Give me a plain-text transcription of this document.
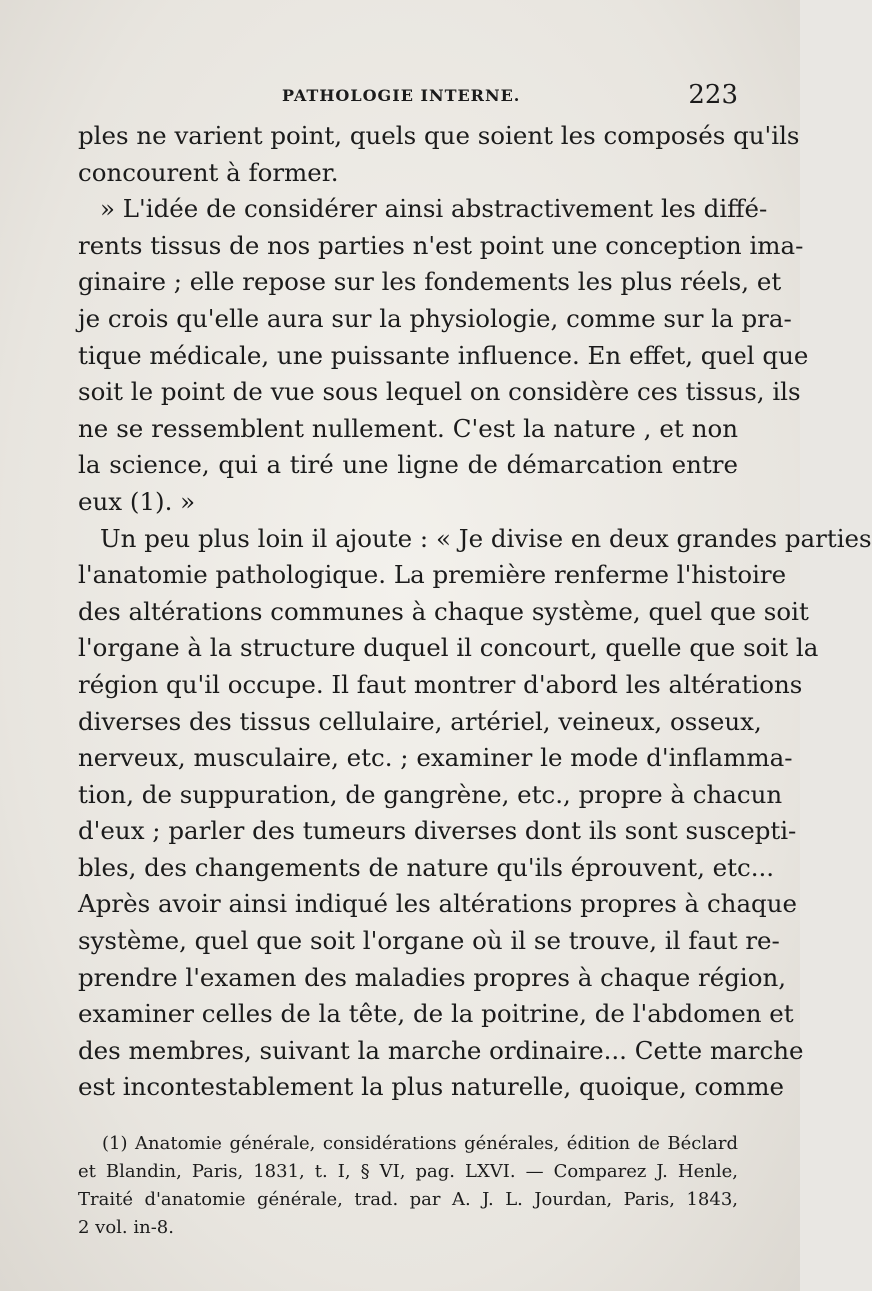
PATHOLOGIE INTERNE.	223
ples ne varient point, quels que soient les composés qu'ils
concourent à former.
» L'idée de considérer ainsi abstractivement les diffé-
rents tissus de nos parties n'est point une conception ima-
ginaire ; elle repose sur les fondements les plus réels, et
je crois qu'elle aura sur la physiologie, comme sur la pra-
tique médicale, une puissante influence. En effet, quel que
soit le point de vue sous lequel on considère ces tissus, ils
ne se ressemblent nullement. C'est la nature , et non
la science, qui a tiré une ligne de démarcation entre
eux (1). »
Un peu plus loin il ajoute : « Je divise en deux grandes parties
l'anatomie pathologique. La première renferme l'histoire
des altérations communes à chaque système, quel que soit
l'organe à la structure duquel il concourt, quelle que soit la
région qu'il occupe. Il faut montrer d'abord les altérations
diverses des tissus cellulaire, artériel, veineux, osseux,
nerveux, musculaire, etc. ; examiner le mode d'inflamma-
tion, de suppuration, de gangrène, etc., propre à chacun
d'eux ; parler des tumeurs diverses dont ils sont suscepti-
bles, des changements de nature qu'ils éprouvent, etc...
Après avoir ainsi indiqué les altérations propres à chaque
système, quel que soit l'organe où il se trouve, il faut re-
prendre l'examen des maladies propres à chaque région,
examiner celles de la tête, de la poitrine, de l'abdomen et
des membres, suivant la marche ordinaire... Cette marche
est incontestablement la plus naturelle, quoique, comme
(1) Anatomie générale, considérations générales, édition de Béclard
et Blandin, Paris, 1831, t. I, § VI, pag. LXVI. — Comparez J. Henle,
Traité d'anatomie générale, trad. par A. J. L. Jourdan, Paris, 1843,
2 vol. in-8.
